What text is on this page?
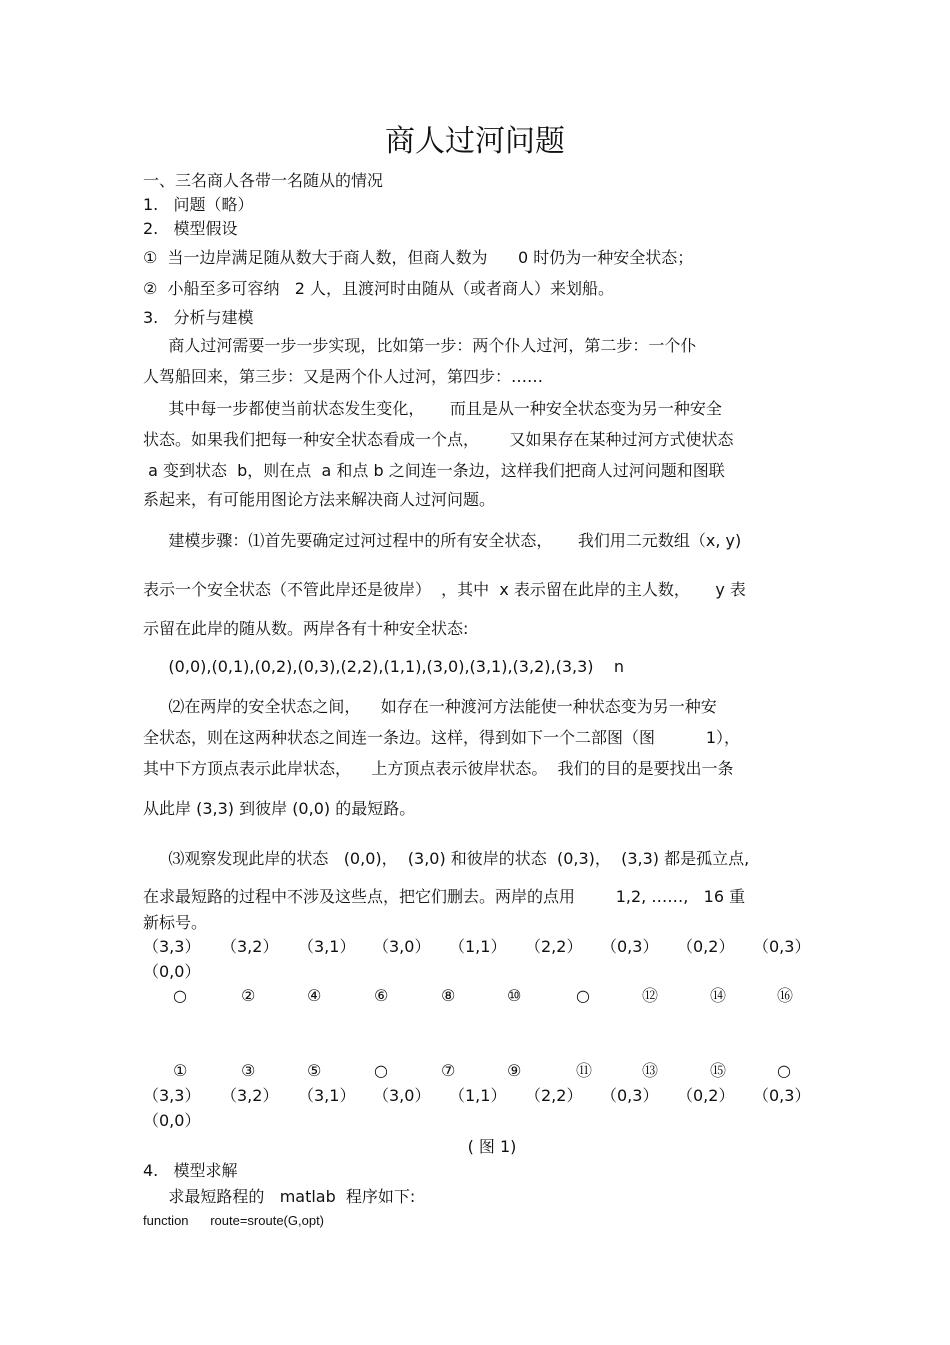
商人过河问题
一、三名商人各带一名随从的情况
1.   问题（略）
2.   模型假设
①  当一边岸满足随从数大于商人数，但商人数为      0 时仍为一种安全状态；
②  小船至多可容纳   2 人，且渡河时由随从（或者商人）来划船。
3.   分析与建模
商人过河需要一步一步实现，比如第一步：两个仆人过河，第二步：一个仆
人驾船回来，第三步：又是两个仆人过河，第四步：……
其中每一步都使当前状态发生变化，     而且是从一种安全状态变为另一种安全
状态。如果我们把每一种安全状态看成一个点，      又如果存在某种过河方式使状态
a 变到状态  b，则在点  a 和点 b 之间连一条边，这样我们把商人过河问题和图联
系起来，有可能用图论方法来解决商人过河问题。
建模步骤：⑴首先要确定过河过程中的所有安全状态，     我们用二元数组（x, y)
表示一个安全状态（不管此岸还是彼岸）  ，其中  x 表示留在此岸的主人数，     y 表
示留在此岸的随从数。两岸各有十种安全状态:
(0,0),(0,1),(0,2),(0,3),(2,2),(1,1),(3,0),(3,1),(3,2),(3,3)    n
⑵在两岸的安全状态之间，    如存在一种渡河方法能使一种状态变为另一种安
全状态，则在这两种状态之间连一条边。这样，得到如下一个二部图（图          1），
其中下方顶点表示此岸状态，    上方顶点表示彼岸状态。  我们的目的是要找出一条
从此岸 (3,3) 到彼岸 (0,0) 的最短路。
⑶观察发现此岸的状态   (0,0)，  (3,0) 和彼岸的状态  (0,3)，  (3,3) 都是孤立点,
在求最短路的过程中不涉及这些点，把它们删去。两岸的点用        1,2, ……,   16 重
新标号。
（3,3） （3,2） （3,1） （3,0） （1,1） （2,2） （0,3） （0,2） （0,3）
（0,0）
○	②	④	⑥	⑧	⑩	○	⑫	⑭	⑯
①	③	⑤	○	⑦	⑨	⑪	⑬	⑮	○
（3,3） （3,2） （3,1） （3,0） （1,1） （2,2） （0,3） （0,2） （0,3）
（0,0）
( 图 1)
4.   模型求解
求最短路程的   matlab  程序如下:
function      route=sroute(G,opt)
